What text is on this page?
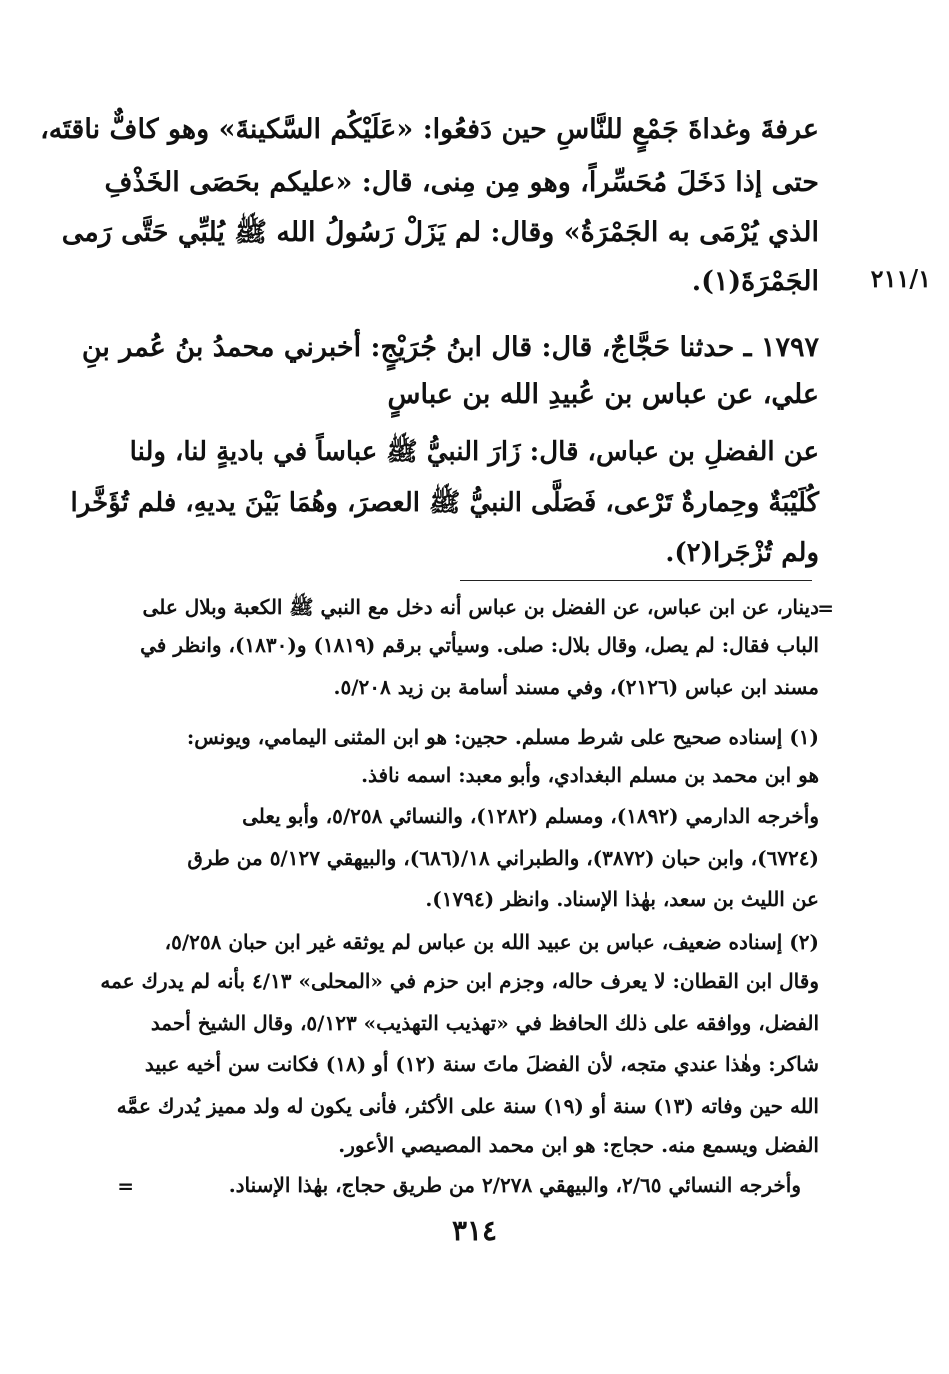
عرفةَ وغداةَ جَمْعٍ للنَّاسِ حين دَفعُوا: «عَلَيْكُم السَّكينةَ» وهو كافٌّ ناقتَه،
حتى إذا دَخَلَ مُحَسِّراً، وهو مِن مِنى، قال: «عليكم بحَصَى الخَذْفِ
الذي يُرْمَى به الجَمْرَةُ» وقال: لم يَزَلْ رَسُولُ الله ﷺ يُلبِّي حَتَّى رَمى
الجَمْرَةَ(١).	٢١١/١
١٧٩٧ ـ حدثنا حَجَّاجٌ، قال: قال ابنُ جُرَيْجٍ: أخبرني محمدُ بنُ عُمر بنِ
علي، عن عباس بن عُبيدِ الله بن عباسٍ
عن الفضلِ بن عباس، قال: زَارَ النبيُّ ﷺ عباساً في باديةٍ لنا، ولنا
كُلَيْبَةٌ وحِمارةٌ تَرْعى، فَصَلَّى النبيُّ ﷺ العصرَ، وهُمَا بَيْنَ يديهِ، فلم تُؤَخَّرا
ولم تُزْجَرا(٢).
=
دينار، عن ابن عباس، عن الفضل بن عباس أنه دخل مع النبي ﷺ الكعبة وبلال على
الباب فقال: لم يصل، وقال بلال: صلى. وسيأتي برقم (١٨١٩) و(١٨٣٠)، وانظر في
مسند ابن عباس (٢١٢٦)، وفي مسند أسامة بن زيد ٥/٢٠٨.
(١) إسناده صحيح على شرط مسلم. حجين: هو ابن المثنى اليمامي، ويونس:
هو ابن محمد بن مسلم البغدادي، وأبو معبد: اسمه نافذ.
وأخرجه الدارمي (١٨٩٢)، ومسلم (١٢٨٢)، والنسائي ٥/٢٥٨، وأبو يعلى
(٦٧٢٤)، وابن حبان (٣٨٧٢)، والطبراني ١٨/(٦٨٦)، والبيهقي ٥/١٢٧ من طرق
عن الليث بن سعد، بهٰذا الإسناد. وانظر (١٧٩٤).
(٢) إسناده ضعيف، عباس بن عبيد الله بن عباس لم يوثقه غير ابن حبان ٥/٢٥٨،
وقال ابن القطان: لا يعرف حاله، وجزم ابن حزم في «المحلى» ٤/١٣ بأنه لم يدرك عمه
الفضل، ووافقه على ذلك الحافظ في «تهذيب التهذيب» ٥/١٢٣، وقال الشيخ أحمد
شاكر: وهٰذا عندي متجه، لأن الفضلَ ماتَ سنة (١٢) أو (١٨) فكانت سن أخيه عبيد
الله حين وفاته (١٣) سنة أو (١٩) سنة على الأكثر، فأنى يكون له ولد مميز يُدرك عمَّه
الفضل ويسمع منه. حجاج: هو ابن محمد المصيصي الأعور.
وأخرجه النسائي ٢/٦٥، والبيهقي ٢/٢٧٨ من طريق حجاج، بهٰذا الإسناد.
=
٣١٤
